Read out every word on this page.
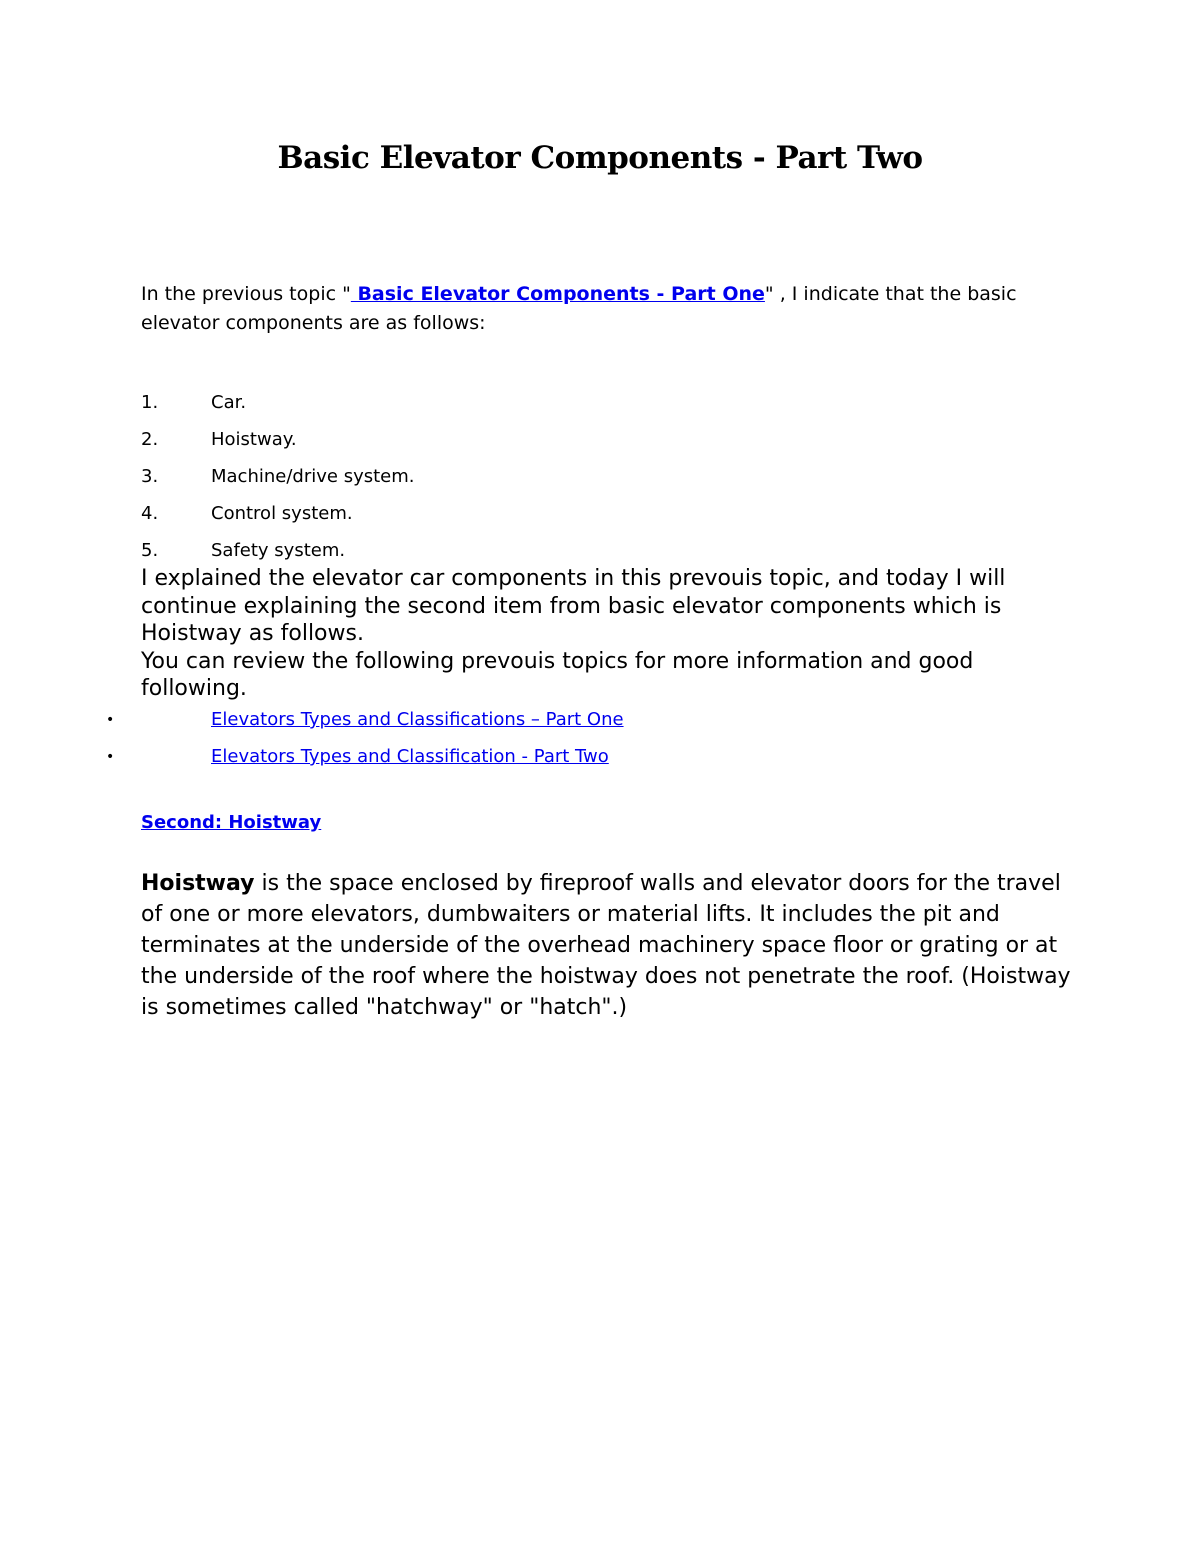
Basic Elevator Components - Part Two
In the previous topic " Basic Elevator Components - Part One" , I indicate that the basic elevator components are as follows:
1.	Car.
2.	Hoistway.
3.	Machine/drive system.
4.	Control system.
5.	Safety system.
I explained the elevator car components in this prevouis topic, and today I will continue explaining the second item from basic elevator components which is Hoistway as follows.
You can review the following prevouis topics for more information and good following.
•	Elevators Types and Classifications – Part One
•	Elevators Types and Classification - Part Two
Second: Hoistway

Hoistway is the space enclosed by fireproof walls and elevator doors for the travel of one or more elevators, dumbwaiters or material lifts. It includes the pit and terminates at the underside of the overhead machinery space floor or grating or at the underside of the roof where the hoistway does not penetrate the roof. (Hoistway is sometimes called "hatchway" or "hatch".)
